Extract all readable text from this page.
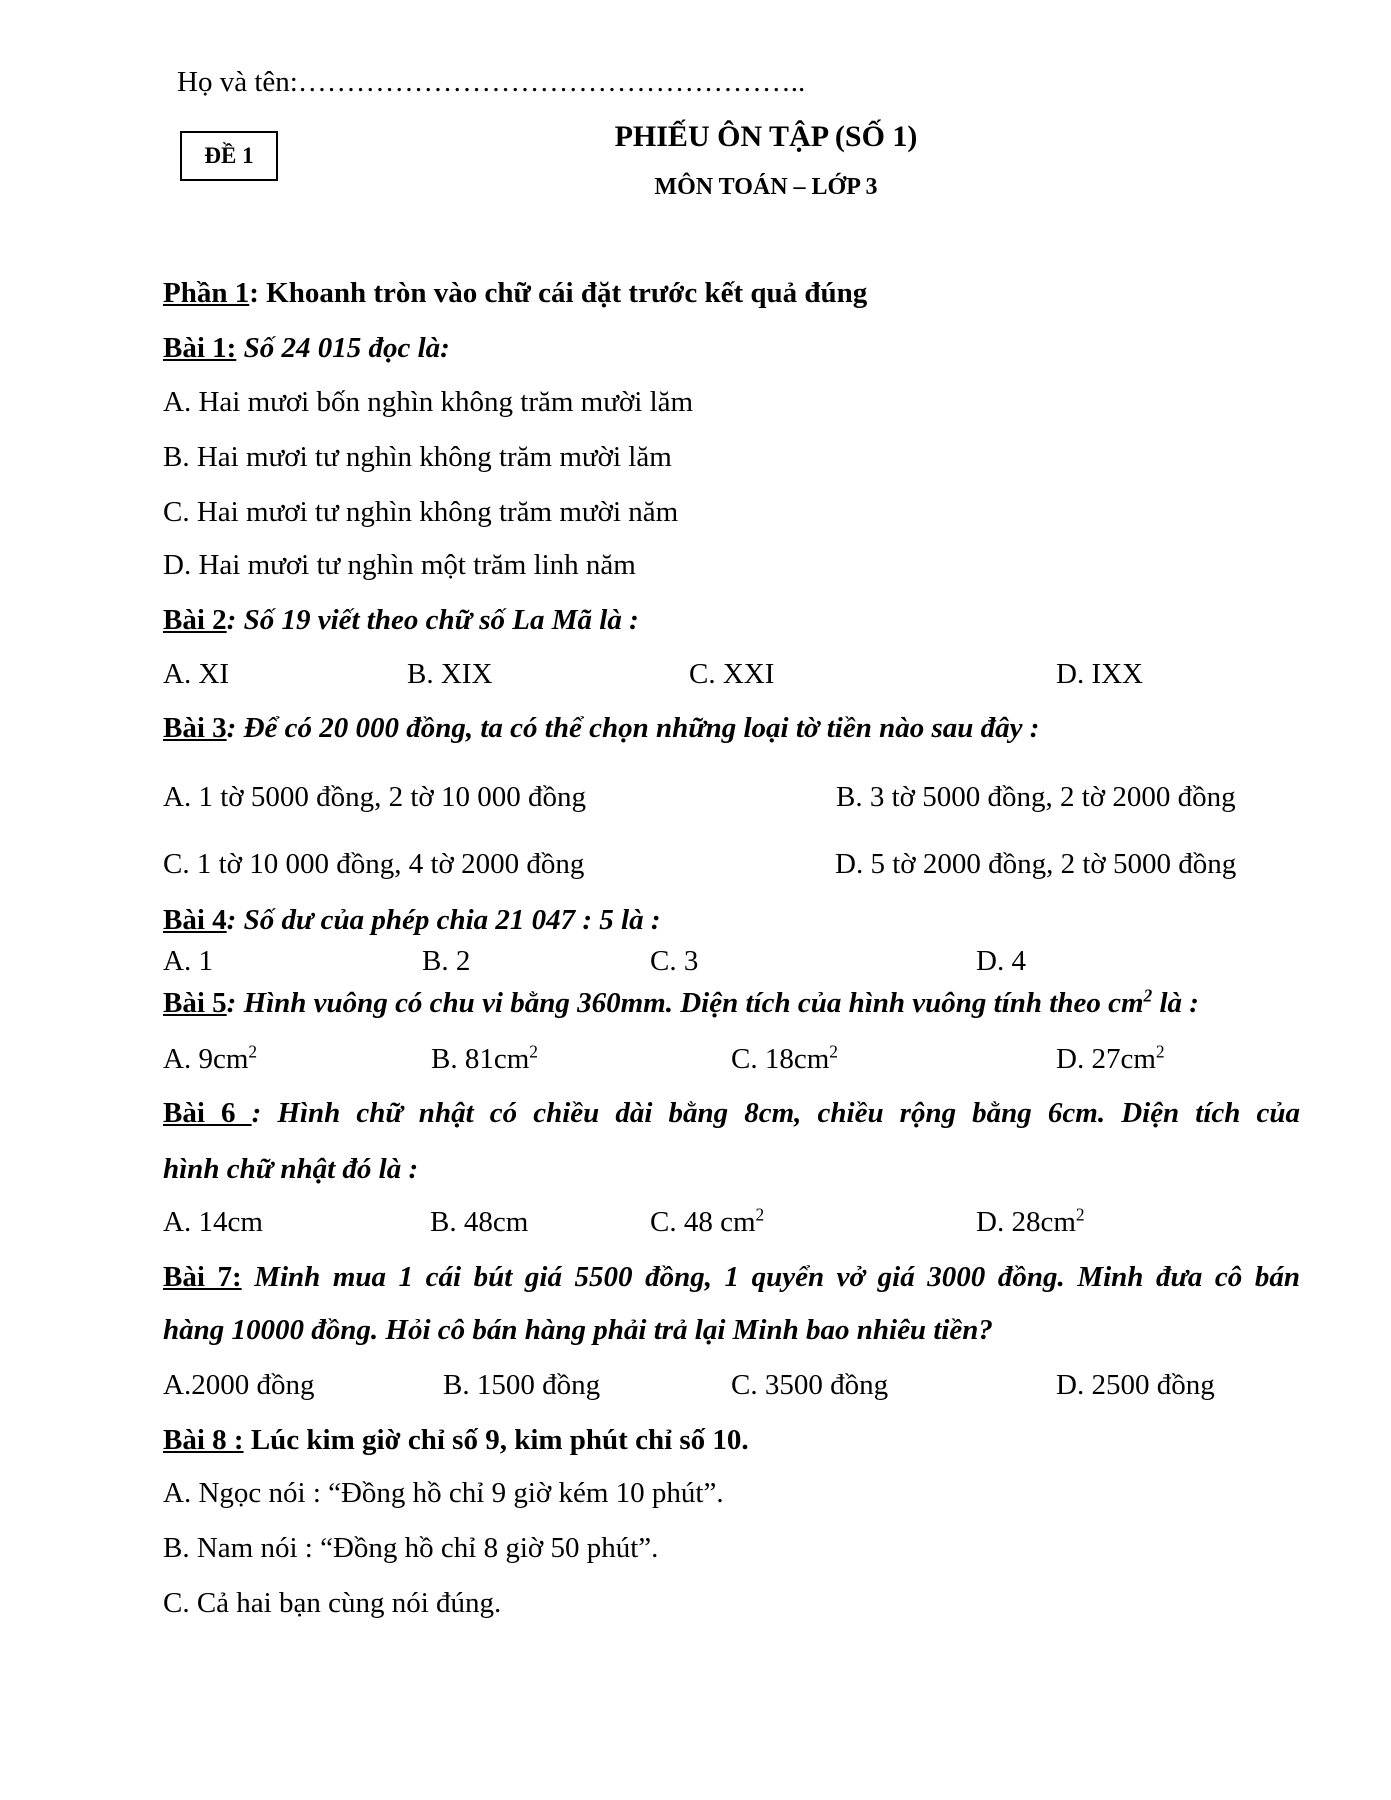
Họ và tên:……………………………………………..
ĐỀ 1
PHIẾU ÔN TẬP (SỐ 1)
MÔN TOÁN – LỚP 3
Phần 1: Khoanh tròn vào chữ cái đặt trước kết quả đúng
Bài 1: Số 24 015 đọc là:
A. Hai mươi bốn nghìn không trăm mười lăm
B. Hai mươi tư nghìn không trăm mười lăm
C. Hai mươi tư nghìn không trăm mười năm
D. Hai mươi tư nghìn một trăm linh năm
Bài 2: Số 19 viết theo chữ số La Mã là :
A. XI	B. XIX	C. XXI	D. IXX
Bài 3: Để có 20 000 đồng, ta có thể chọn những loại tờ tiền nào sau đây :
A. 1 tờ 5000 đồng, 2 tờ 10 000 đồng	B. 3 tờ 5000 đồng, 2 tờ 2000 đồng
C. 1 tờ 10 000 đồng, 4 tờ 2000 đồng	D. 5 tờ 2000 đồng, 2 tờ 5000 đồng
Bài 4: Số dư của phép chia 21 047 : 5 là :
A. 1	B. 2	C. 3	D. 4
Bài 5: Hình vuông có chu vi bằng 360mm. Diện tích của hình vuông tính theo $cm^2$ là :
A. $9cm^2$	B. $81cm^2$	C. $18cm^2$	D. $27cm^2$
Bài 6 : Hình chữ nhật có chiều dài bằng 8cm, chiều rộng bằng 6cm. Diện tích của
hình chữ nhật đó là :
A. 14cm	B. 48cm	C. 48 $cm^2$	D. $28cm^2$
Bài 7: Minh mua 1 cái bút giá 5500 đồng, 1 quyển vở giá 3000 đồng. Minh đưa cô bán
hàng 10000 đồng. Hỏi cô bán hàng phải trả lại Minh bao nhiêu tiền?
A.2000 đồng	B. 1500 đồng	C. 3500 đồng	D. 2500 đồng
Bài 8 : Lúc kim giờ chỉ số 9, kim phút chỉ số 10.
A. Ngọc nói : “Đồng hồ chỉ 9 giờ kém 10 phút”.
B. Nam nói : “Đồng hồ chỉ 8 giờ 50 phút”.
C. Cả hai bạn cùng nói đúng.
